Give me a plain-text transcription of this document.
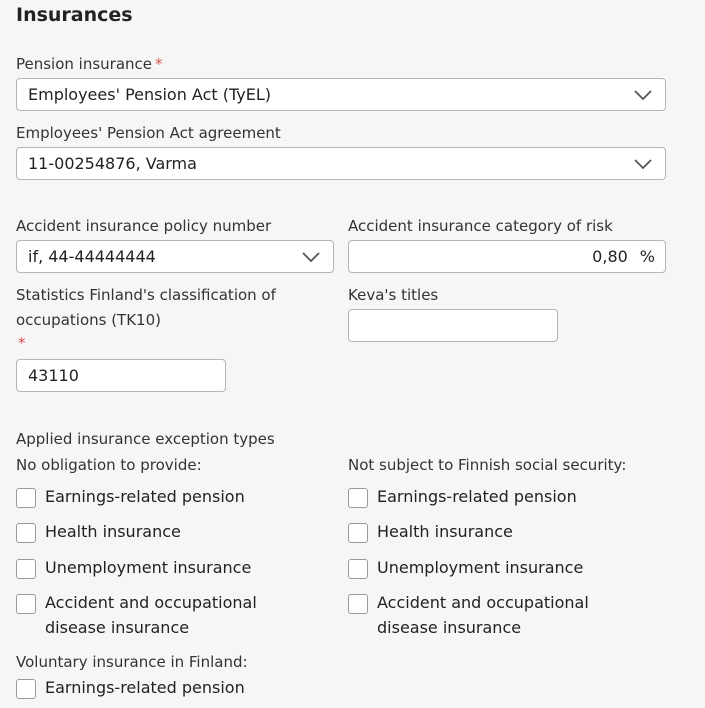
Insurances
Pension insurance *
Employees' Pension Act (TyEL)
Employees' Pension Act agreement
11-00254876, Varma
Accident insurance policy number
if, 44-44444444
Accident insurance category of risk
0,80 %
Statistics Finland's classification of
occupations (TK10)
*
43110
Keva's titles
Applied insurance exception types
No obligation to provide:	Not subject to Finnish social security:
Earnings-related pension
Health insurance
Unemployment insurance
Accident and occupational
disease insurance
Earnings-related pension
Health insurance
Unemployment insurance
Accident and occupational
disease insurance
Voluntary insurance in Finland:
Earnings-related pension
